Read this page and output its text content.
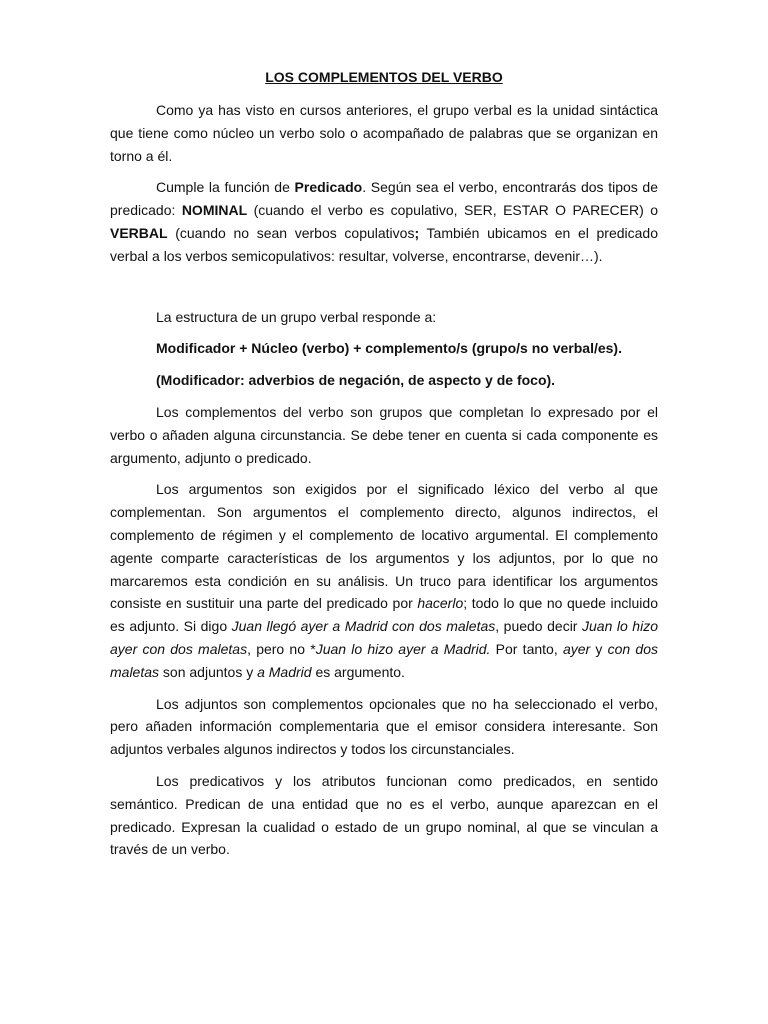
LOS COMPLEMENTOS DEL VERBO

Como ya has visto en cursos anteriores, el grupo verbal es la unidad sintáctica que tiene como núcleo un verbo solo o acompañado de palabras que se organizan en torno a él.

Cumple la función de Predicado. Según sea el verbo, encontrarás dos tipos de predicado: NOMINAL (cuando el verbo es copulativo, SER, ESTAR O PARECER) o VERBAL (cuando no sean verbos copulativos; También ubicamos en el predicado verbal a los verbos semicopulativos: resultar, volverse, encontrarse, devenir…).

La estructura de un grupo verbal responde a:

Modificador + Núcleo (verbo) + complemento/s (grupo/s no verbal/es).

(Modificador: adverbios de negación, de aspecto y de foco).

Los complementos del verbo son grupos que completan lo expresado por el verbo o añaden alguna circunstancia. Se debe tener en cuenta si cada componente es argumento, adjunto o predicado.

Los argumentos son exigidos por el significado léxico del verbo al que complementan. Son argumentos el complemento directo, algunos indirectos, el complemento de régimen y el complemento de locativo argumental. El complemento agente comparte características de los argumentos y los adjuntos, por lo que no marcaremos esta condición en su análisis. Un truco para identificar los argumentos consiste en sustituir una parte del predicado por hacerlo; todo lo que no quede incluido es adjunto. Si digo Juan llegó ayer a Madrid con dos maletas, puedo decir Juan lo hizo ayer con dos maletas, pero no *Juan lo hizo ayer a Madrid. Por tanto, ayer y con dos maletas son adjuntos y a Madrid es argumento.

Los adjuntos son complementos opcionales que no ha seleccionado el verbo, pero añaden información complementaria que el emisor considera interesante. Son adjuntos verbales algunos indirectos y todos los circunstanciales.

Los predicativos y los atributos funcionan como predicados, en sentido semántico. Predican de una entidad que no es el verbo, aunque aparezcan en el predicado. Expresan la cualidad o estado de un grupo nominal, al que se vinculan a través de un verbo.
